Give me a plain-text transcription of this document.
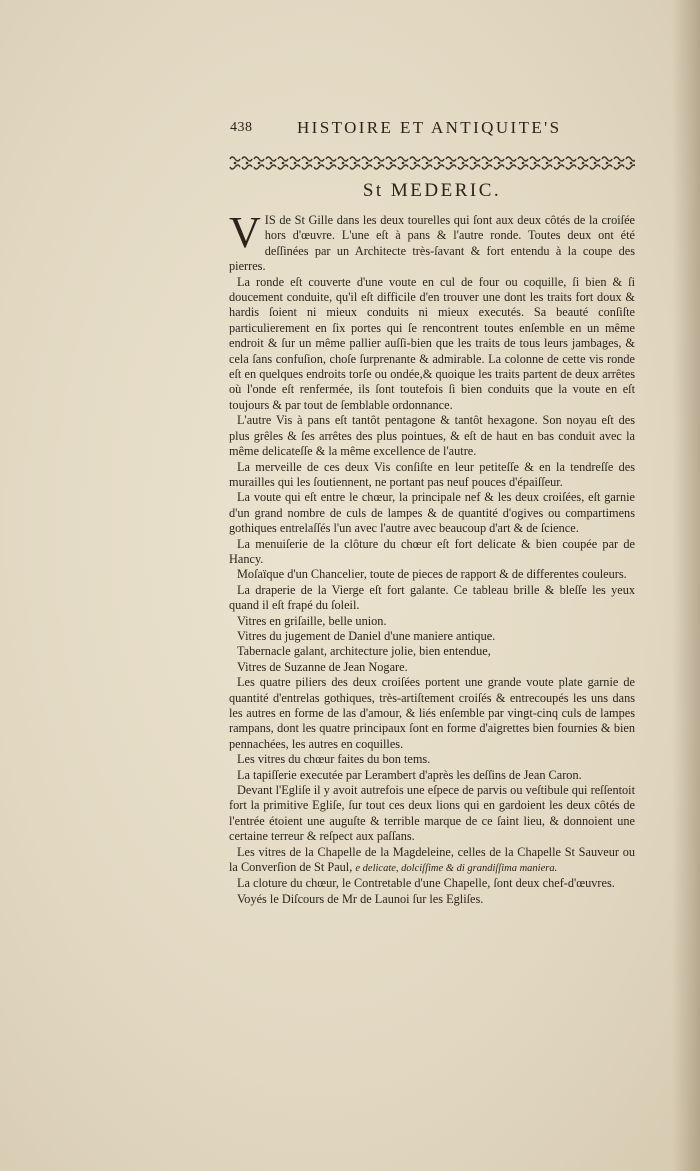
438	HISTOIRE ET ANTIQUITE'S
St MEDERIC.

V IS de St Gille dans les deux tourelles qui ſont aux deux côtés de la croiſée hors d'œuvre. L'une eſt à pans & l'autre ronde. Toutes deux ont été deſſinées par un Architecte très-ſavant & fort entendu à la coupe des pierres.

La ronde eſt couverte d'une voute en cul de four ou coquille, ſi bien & ſi doucement conduite, qu'il eſt difficile d'en trouver une dont les traits fort doux & hardis ſoient ni mieux conduits ni mieux executés. Sa beauté conſiſte particulierement en ſix portes qui ſe rencontrent toutes enſemble en un même endroit & ſur un même pallier auſſi-bien que les traits de tous leurs jambages, & cela ſans confuſion, choſe ſurprenante & admirable. La colonne de cette vis ronde eſt en quelques endroits torſe ou ondée,& quoique les traits partent de deux arrêtes où l'onde eſt renfermée, ils ſont toutefois ſi bien conduits que la voute en eſt toujours & par tout de ſemblable ordonnance.

L'autre Vis à pans eſt tantôt pentagone & tantôt hexagone. Son noyau eſt des plus grêles & ſes arrêtes des plus pointues, & eſt de haut en bas conduit avec la même delicateſſe & la même excellence de l'autre.

La merveille de ces deux Vis conſiſte en leur petiteſſe & en la tendreſſe des murailles qui les ſoutiennent, ne portant pas neuf pouces d'épaiſſeur.

La voute qui eſt entre le chœur, la principale nef & les deux croiſées, eſt garnie d'un grand nombre de culs de lampes & de quantité d'ogives ou compartimens gothiques entrelaſſés l'un avec l'autre avec beaucoup d'art & de ſcience.

La menuiſerie de la clôture du chœur eſt fort delicate & bien coupée par de Hancy.

Moſaïque d'un Chancelier, toute de pieces de rapport & de differentes couleurs.

La draperie de la Vierge eſt fort galante. Ce tableau brille & bleſſe les yeux quand il eſt frapé du ſoleil.

Vitres en griſaille, belle union.

Vitres du jugement de Daniel d'une maniere antique.

Tabernacle galant, architecture jolie, bien entendue,

Vitres de Suzanne de Jean Nogare.

Les quatre piliers des deux croiſées portent une grande voute plate garnie de quantité d'entrelas gothiques, très-artiſtement croiſés & entrecoupés les uns dans les autres en forme de las d'amour, & liés enſemble par vingt-cinq culs de lampes rampans, dont les quatre principaux ſont en forme d'aigrettes bien fournies & bien pennachées, les autres en coquilles.

Les vitres du chœur faites du bon tems.

La tapiſſerie executée par Lerambert d'après les deſſins de Jean Caron.

Devant l'Egliſe il y avoit autrefois une eſpece de parvis ou veſtibule qui reſſentoit fort la primitive Egliſe, ſur tout ces deux lions qui en gardoient les deux côtés de l'entrée étoient une auguſte & terrible marque de ce ſaint lieu, & donnoient une certaine terreur & reſpect aux paſſans.

Les vitres de la Chapelle de la Magdeleine, celles de la Chapelle St Sauveur ou la Converſion de St Paul, e delicate, dolciſſime & di grandiſſima maniera.

La cloture du chœur, le Contretable d'une Chapelle, ſont deux chef-d'œuvres.

Voyés le Diſcours de Mr de Launoi ſur les Egliſes.
